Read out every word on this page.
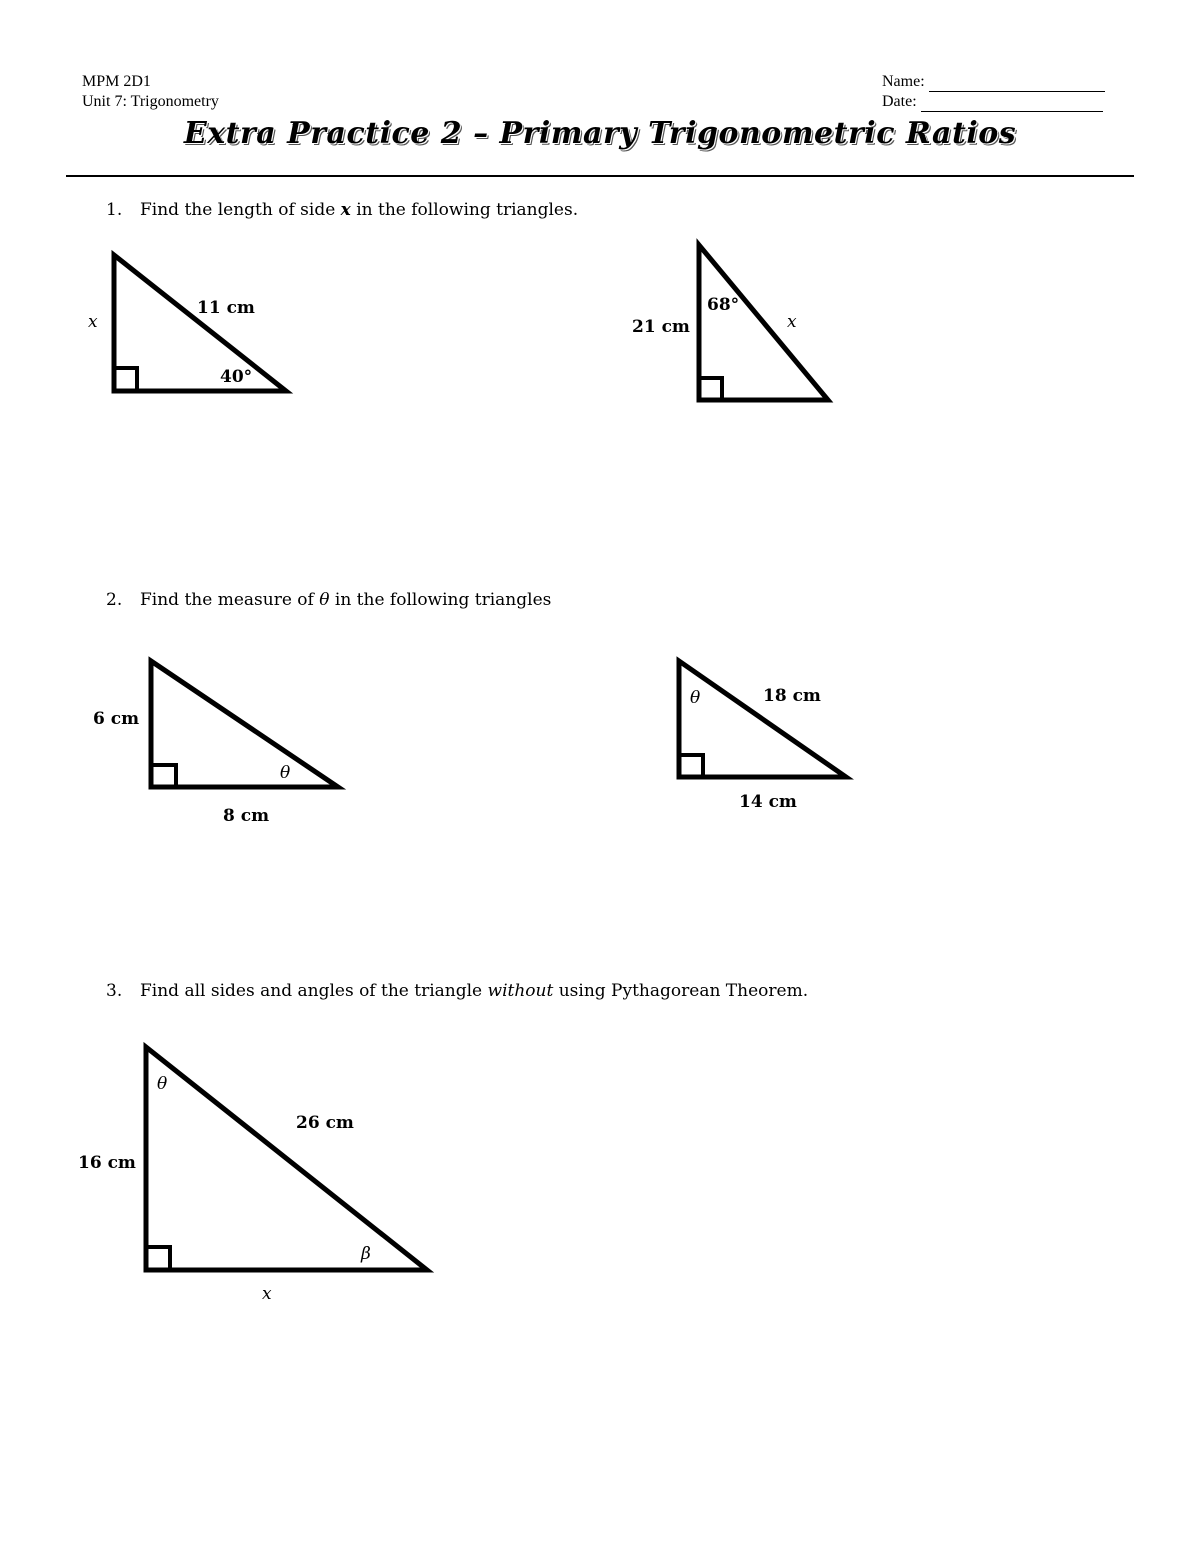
MPM 2D1
Unit 7: Trigonometry
Name:
Date:
Extra Practice 2 – Primary Trigonometric Ratios
1. Find the length of side x in the following triangles.
2. Find the measure of θ in the following triangles
3. Find all sides and angles of the triangle without using Pythagorean Theorem.
x
11 cm
40°
21 cm
68°
x
6 cm
8 cm
θ
θ	18 cm
14 cm
θ
16 cm
26 cm
β
x
